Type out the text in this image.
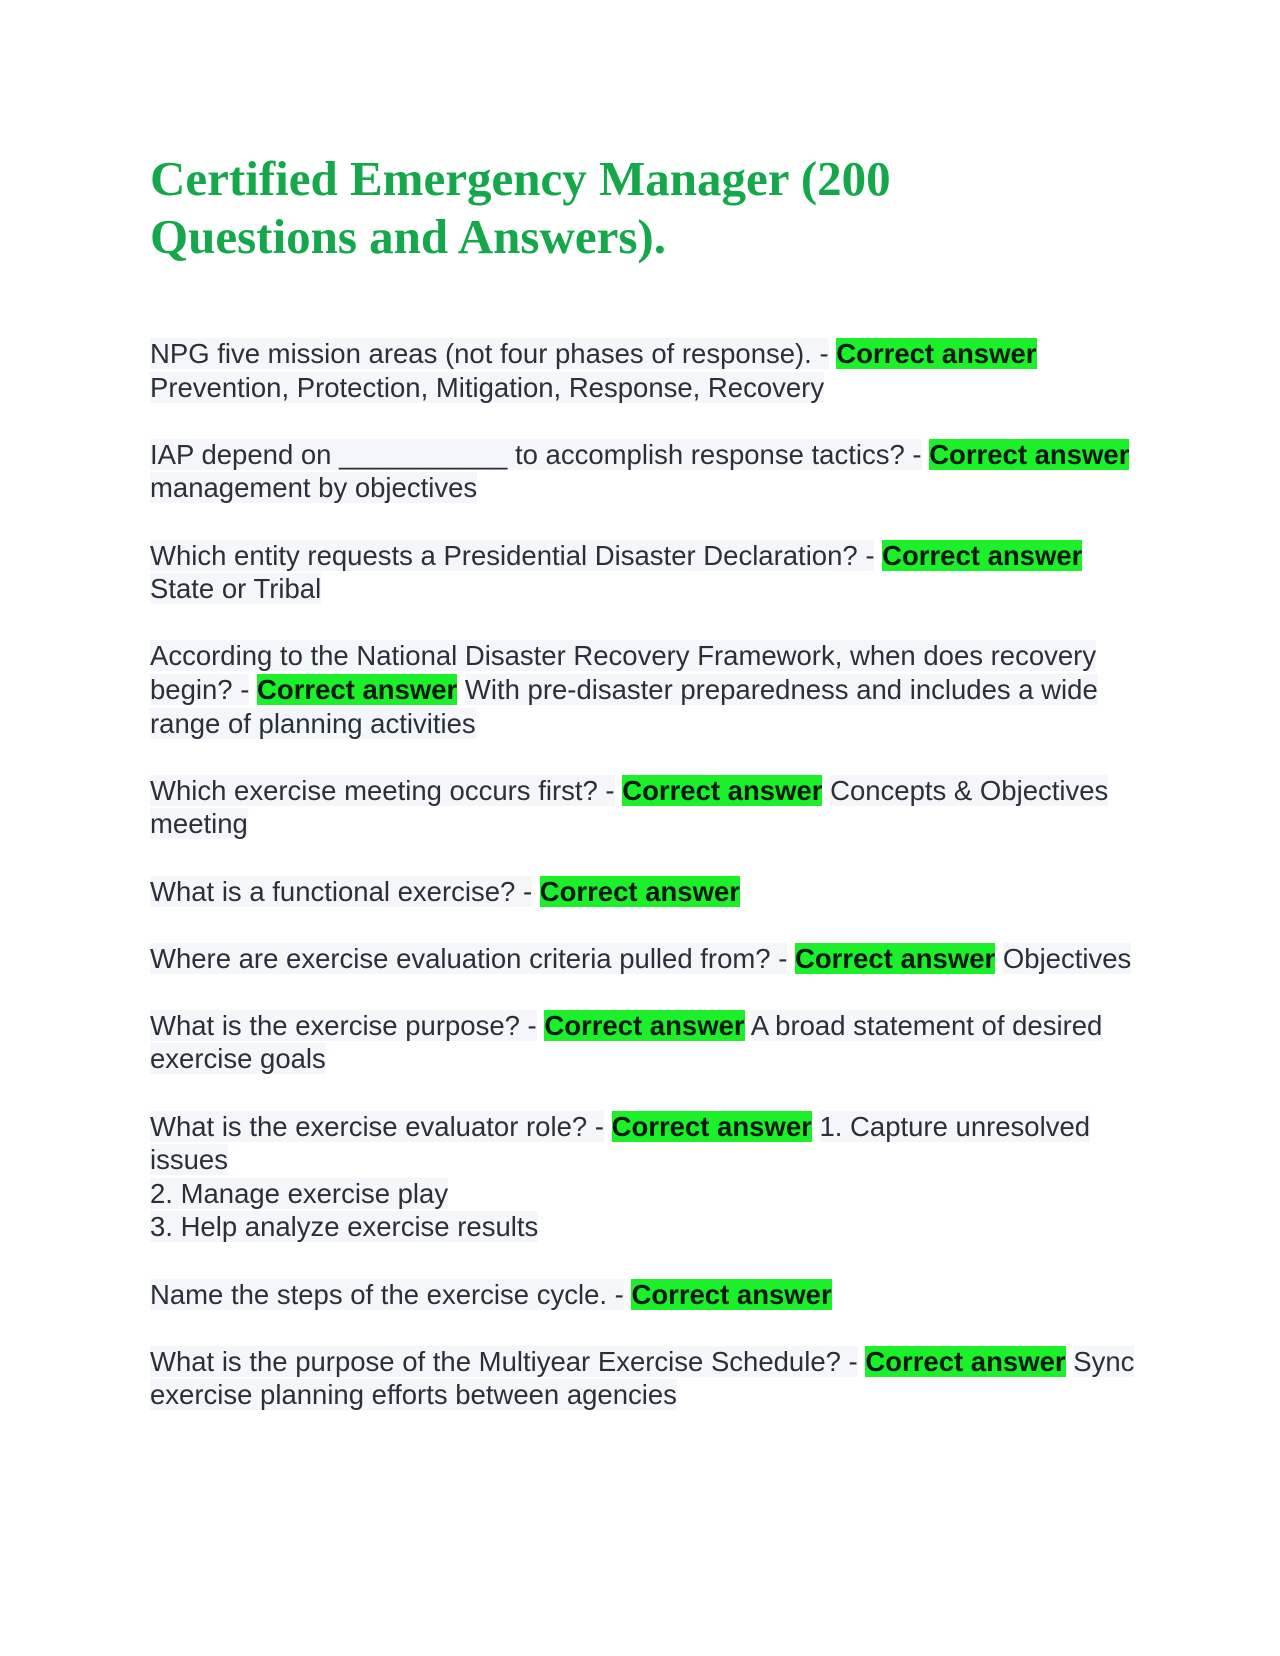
Certified Emergency Manager (200 Questions and Answers).

NPG five mission areas (not four phases of response). - Correct answer Prevention, Protection, Mitigation, Response, Recovery

IAP depend on ___________ to accomplish response tactics? - Correct answer management by objectives

Which entity requests a Presidential Disaster Declaration? - Correct answer State or Tribal

According to the National Disaster Recovery Framework, when does recovery begin? - Correct answer With pre-disaster preparedness and includes a wide range of planning activities

Which exercise meeting occurs first? - Correct answer Concepts & Objectives meeting

What is a functional exercise? - Correct answer

Where are exercise evaluation criteria pulled from? - Correct answer Objectives

What is the exercise purpose? - Correct answer A broad statement of desired exercise goals

What is the exercise evaluator role? - Correct answer 1. Capture unresolved issues
2. Manage exercise play
3. Help analyze exercise results

Name the steps of the exercise cycle. - Correct answer

What is the purpose of the Multiyear Exercise Schedule? - Correct answer Sync exercise planning efforts between agencies
